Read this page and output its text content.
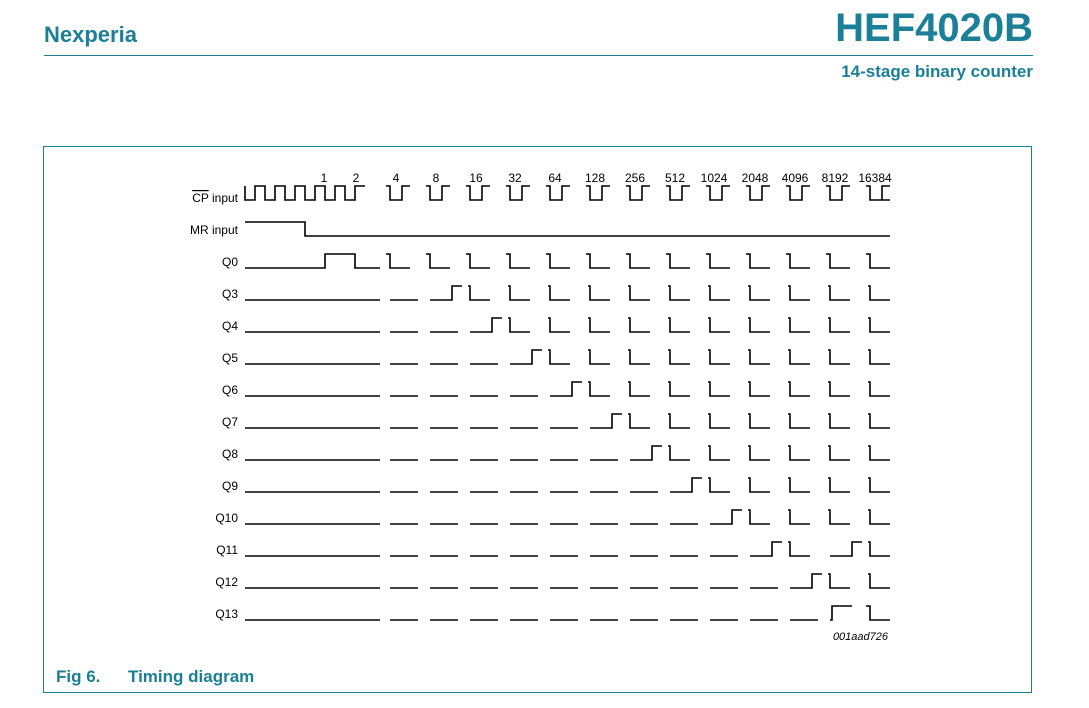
Nexperia	HEF4020B
14-stage binary counter
1 2	4	8 16 32 64 128 256 512 1024 2048 4096 8192 16384
CP input
MR input
Q0
Q3
Q4
Q5
Q6
Q7
Q8
Q9
Q10
Q11
Q12
Q13
001aad726
Fig 6. Timing diagram
